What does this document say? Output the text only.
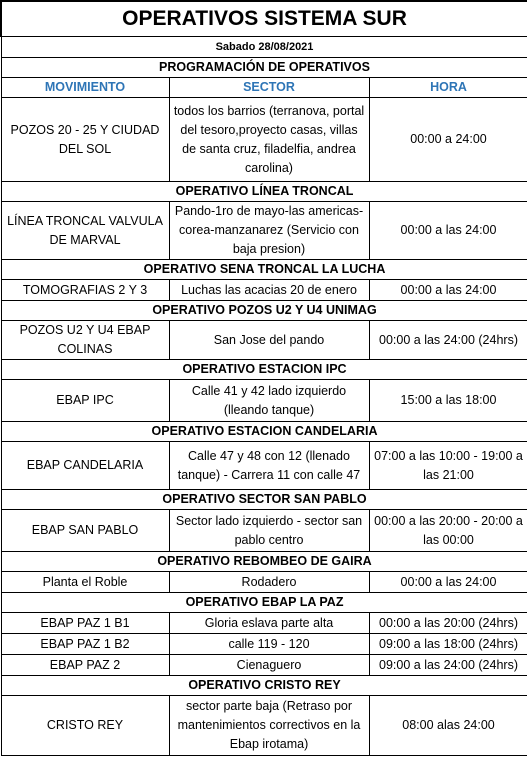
OPERATIVOS SISTEMA SUR		
Sabado 28/08/2021		
PROGRAMACIÓN DE OPERATIVOS		
MOVIMIENTO	SECTOR	HORA
POZOS 20 - 25 Y CIUDAD DEL SOL	todos los barrios (terranova, portal del tesoro,proyecto casas, villas de santa cruz, filadelfia, andrea carolina)	00:00 a 24:00
OPERATIVO LÍNEA TRONCAL		
LÍNEA TRONCAL VALVULA DE MARVAL	Pando-1ro de mayo-las americas-corea-manzanarez (Servicio con baja presion)	00:00 a las 24:00
OPERATIVO SENA TRONCAL LA LUCHA		
TOMOGRAFIAS 2 Y 3	Luchas las acacias 20 de enero	00:00 a las 24:00
OPERATIVO POZOS U2 Y U4 UNIMAG		
POZOS U2 Y U4 EBAP COLINAS	San Jose del pando	00:00 a las 24:00 (24hrs)
OPERATIVO ESTACION IPC		
EBAP IPC	Calle 41 y 42 lado izquierdo (lleando tanque)	15:00 a las 18:00
OPERATIVO ESTACION CANDELARIA		
EBAP CANDELARIA	Calle 47 y 48 con 12 (llenado tanque) - Carrera 11 con calle 47	07:00 a las 10:00 - 19:00 a las 21:00
OPERATIVO SECTOR SAN PABLO		
EBAP SAN PABLO	Sector lado izquierdo - sector san pablo centro	00:00 a las 20:00 - 20:00 a las 00:00
OPERATIVO REBOMBEO DE GAIRA		
Planta el Roble	Rodadero	00:00 a las 24:00
OPERATIVO EBAP LA PAZ		
EBAP PAZ 1 B1	Gloria eslava parte alta	00:00 a las 20:00 (24hrs)
EBAP PAZ 1 B2	calle 119 - 120	09:00 a las 18:00 (24hrs)
EBAP PAZ 2	Cienaguero	09:00 a las 24:00 (24hrs)
OPERATIVO CRISTO REY		
CRISTO REY	sector parte baja (Retraso por mantenimientos correctivos en la Ebap irotama)	08:00 alas 24:00
